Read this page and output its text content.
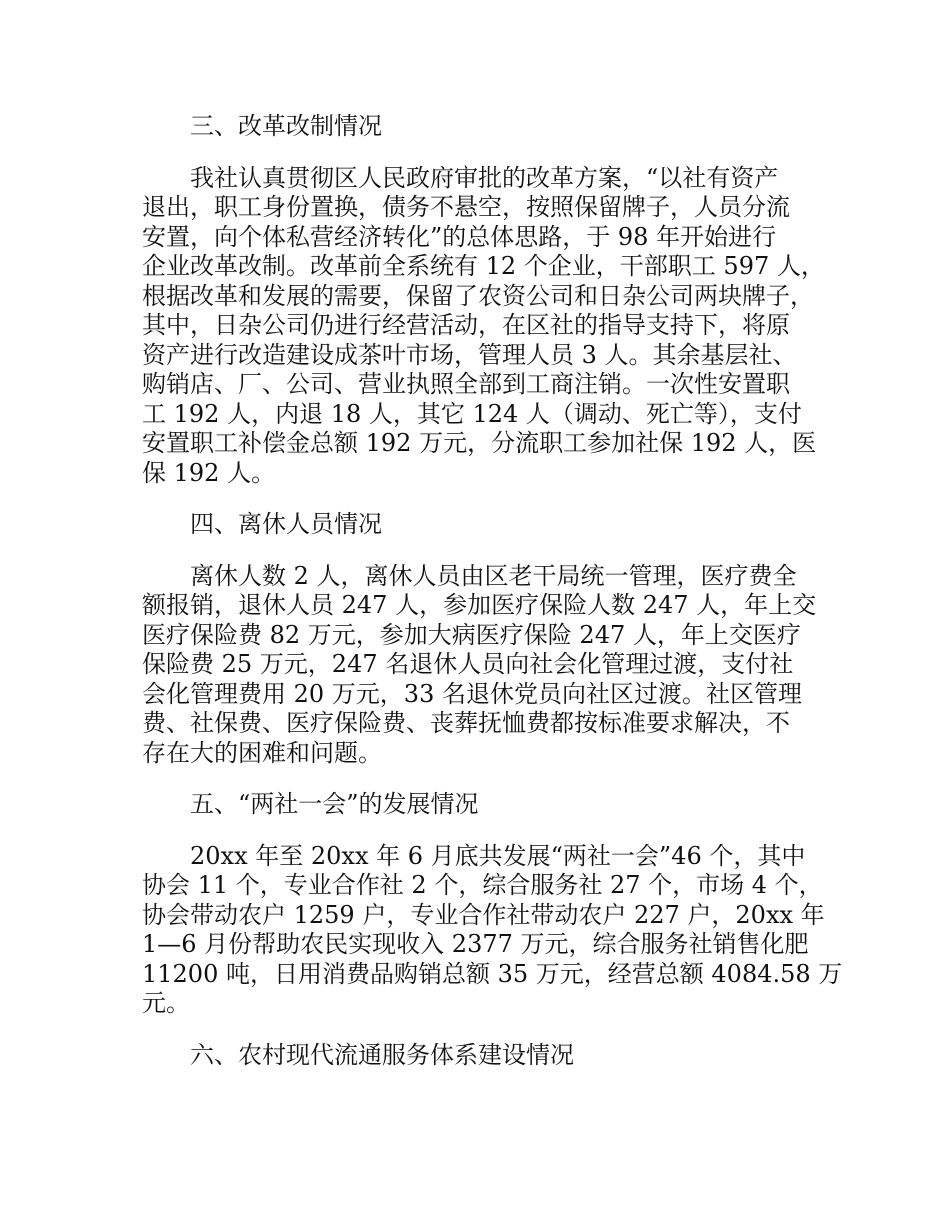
三、改革改制情况
我社认真贯彻区人民政府审批的改革方案，“以社有资产
退出，职工身份置换，债务不悬空，按照保留牌子，人员分流
安置，向个体私营经济转化”的总体思路，于 98 年开始进行
企业改革改制。改革前全系统有 12 个企业，干部职工 597 人，
根据改革和发展的需要，保留了农资公司和日杂公司两块牌子，
其中，日杂公司仍进行经营活动，在区社的指导支持下，将原
资产进行改造建设成茶叶市场，管理人员 3 人。其余基层社、
购销店、厂、公司、营业执照全部到工商注销。一次性安置职
工 192 人，内退 18 人，其它 124 人（调动、死亡等），支付
安置职工补偿金总额 192 万元，分流职工参加社保 192 人，医
保 192 人。
四、离休人员情况
离休人数 2 人，离休人员由区老干局统一管理，医疗费全
额报销，退休人员 247 人，参加医疗保险人数 247 人，年上交
医疗保险费 82 万元，参加大病医疗保险 247 人，年上交医疗
保险费 25 万元，247 名退休人员向社会化管理过渡，支付社
会化管理费用 20 万元，33 名退休党员向社区过渡。社区管理
费、社保费、医疗保险费、丧葬抚恤费都按标准要求解决，不
存在大的困难和问题。
五、“两社一会”的发展情况
20xx 年至 20xx 年 6 月底共发展“两社一会”46 个，其中
协会 11 个，专业合作社 2 个，综合服务社 27 个，市场 4 个，
协会带动农户 1259 户，专业合作社带动农户 227 户，20xx 年
1—6 月份帮助农民实现收入 2377 万元，综合服务社销售化肥
11200 吨，日用消费品购销总额 35 万元，经营总额 4084.58 万
元。
六、农村现代流通服务体系建设情况
